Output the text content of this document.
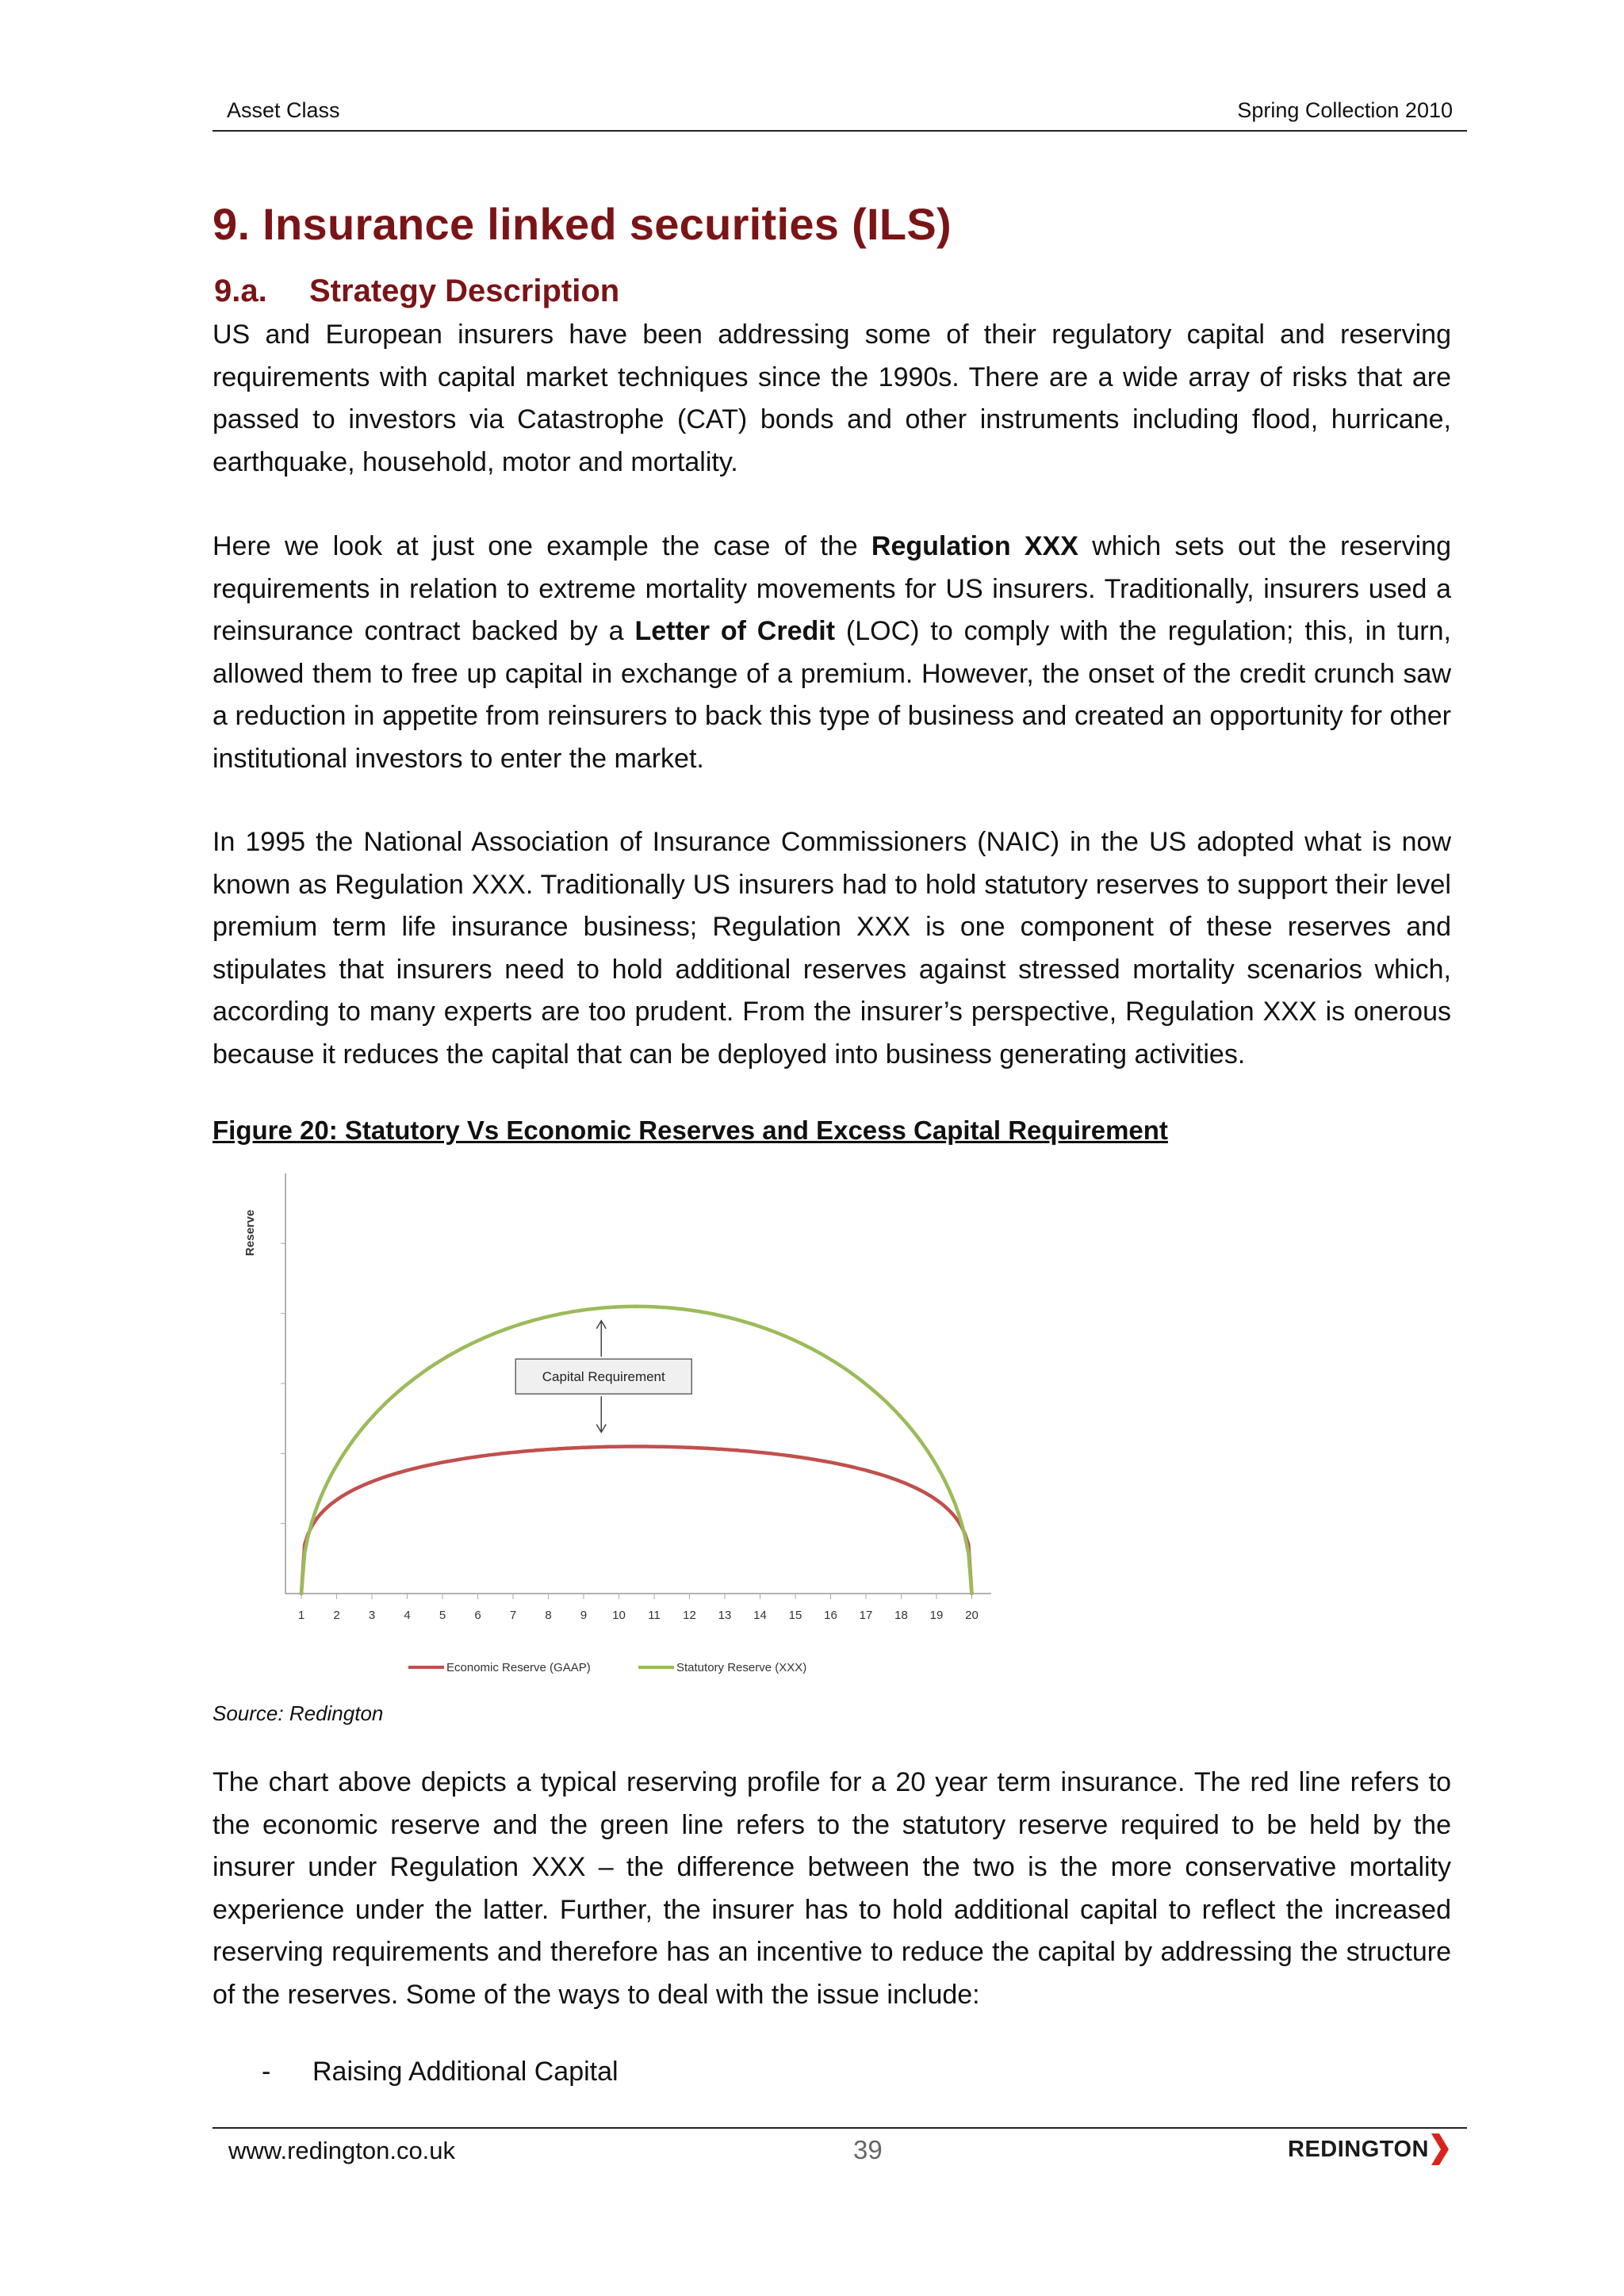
Asset Class	Spring Collection 2010
9. Insurance linked securities (ILS)
9.a. Strategy Description

US and European insurers have been addressing some of their regulatory capital and reserving requirements with capital market techniques since the 1990s. There are a wide array of risks that are passed to investors via Catastrophe (CAT) bonds and other instruments including flood, hurricane, earthquake, household, motor and mortality.

Here we look at just one example the case of the Regulation XXX which sets out the reserving requirements in relation to extreme mortality movements for US insurers. Traditionally, insurers used a reinsurance contract backed by a Letter of Credit (LOC) to comply with the regulation; this, in turn, allowed them to free up capital in exchange of a premium. However, the onset of the credit crunch saw a reduction in appetite from reinsurers to back this type of business and created an opportunity for other institutional investors to enter the market.

In 1995 the National Association of Insurance Commissioners (NAIC) in the US adopted what is now known as Regulation XXX. Traditionally US insurers had to hold statutory reserves to support their level premium term life insurance business; Regulation XXX is one component of these reserves and stipulates that insurers need to hold additional reserves against stressed mortality scenarios which, according to many experts are too prudent. From the insurer’s perspective, Regulation XXX is onerous because it reduces the capital that can be deployed into business generating activities.

Figure 20: Statutory Vs Economic Reserves and Excess Capital Requirement
1 2 3 4 5 6 7 8 9 10 11 12 13 14 15 16 17 18 19 20
Capital Requirement
Economic Reserve (GAAP)	Statutory Reserve (XXX)
Reserve
Source: Redington

The chart above depicts a typical reserving profile for a 20 year term insurance. The red line refers to the economic reserve and the green line refers to the statutory reserve required to be held by the insurer under Regulation XXX – the difference between the two is the more conservative mortality experience under the latter. Further, the insurer has to hold additional capital to reflect the increased reserving requirements and therefore has an incentive to reduce the capital by addressing the structure of the reserves. Some of the ways to deal with the issue include:

- Raising Additional Capital
www.redington.co.uk	39	REDINGTON
